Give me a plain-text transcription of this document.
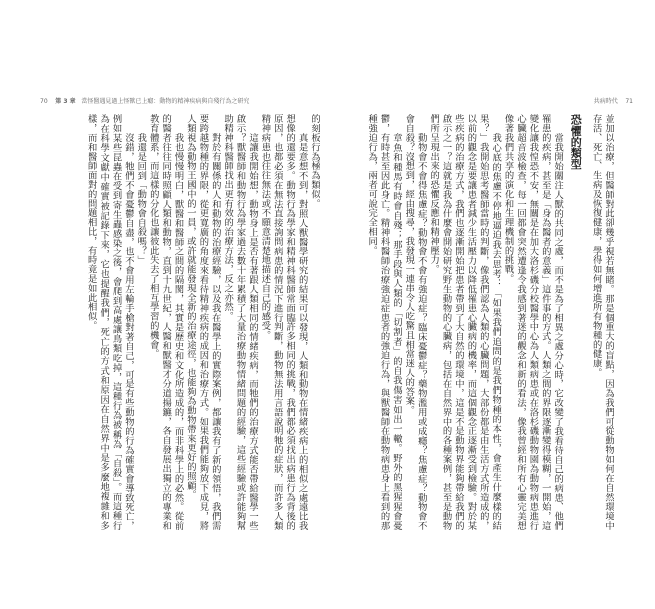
70 第 3 章 當怪醫遇見過上怪獸已上癮：動物的精神疾病與自殘行為之研究	共病時代 71

的刻板行為極為類似。

真是意想不到，對照人獸醫學研究的結果可以發現，人類和動物在情緒疾病上的相似之處遠比我想像的還要多。動物行為學家和精神科醫師常面臨許多相同的挑戰，我們都必須找出病患行為背後的原因，也都必須在無法直接詢問病患的情況下進行判斷，動物無法用言語說明牠的症狀，而許多人類精神病患也往往無法或不願意清楚地描述自己的感受。

這讓我開始想，動物身上是否有著跟人類相同的情緒疾病，而牠們的治療方式能否帶給醫學一些啟示？獸醫師和動物行為學家過去數十年累積了大量治療動物情緒問題的經驗，這些經驗或許能夠幫助精神科醫師找出更有效的治療方法，反之亦然。

對於有關係的人和動物的治療經驗，以及我在醫學上的實際案例，都讓我有了新的領悟，我們需要跨越物種的界限，從更寬廣的角度來看待精神疾病的成因和治療方式。如果我們能夠放下成見，將人類視為動物王國中的一員，或許就能發現全新的治療途徑，也能夠為動物帶來更好的照顧。

我也慢慢明白，獸醫和醫師之間的隔閡，其實是歷史和文化所造成的，而非科學上的必然。從前的醫者往往同時照顧人類和動物，直到十九世紀，人醫和獸醫才分道揚鑣，各自發展出獨立的專業和教育體系，而這樣的分化也讓彼此失去了相互學習的機會。

我還是回到「動物會自殺嗎？」

沒錯，牠們不會憂鬱自盡，也不會用左輪手槍對著自己，可是有些動物的行為確實會導致死亡，例如某些昆蟲在受到寄生蟲感染之後，會爬到高處讓鳥類吃掉，這種行為被稱為「自殺」。而這種行為在科學文獻中確實被記錄下來，它也提醒我們，死亡的方式和原因在自然界中是多麼地複雜和多樣，而和醫師面對的問題相比，有時竟是如此相似。	並加以治療，但醫師對此卻幾乎視若無睹。那是個重大的盲點，因為我們可從動物如何在自然環境中存活、死亡、生病及恢復健康，學得如何增進所有物種的健康。

恐懼的類型

當我開始關注人獸的共同之處，而不是為了相異之處分心時，它改變了我看待自己的病患、他們罹患的疾病，甚至是「身為醫者的意義」這件事的方式。人類之間的界限逐漸變得模糊，一開始，這變化讓我惶恐不安，無關是在加大洛杉磯分校醫學中心為人類病患或在洛杉磯動物園為動物病患進行心臟超音波檢查，每一回都會突然遭逢令我感到著迷的觀念和新的看法，像我曾經和所有心靈完美想像著我們共享的演化和生理機制的挑戰。

我心底的焦慮不停地逼迫我去思考：「如果我們追問的是我們物種的本性，會產生什麼樣的結果？」我開始思考醫師當時的判斷，像我們認為人類的心臟問題，大部份都是由生活方式所造成的，以前的觀念是要讓患者減少生活壓力以降低罹患心臟病的機率，而這個觀念正逐漸受到檢驗。對於某些疾病的治療方式，我們也逐漸開始把患者帶到了大自然的環境中，這是不是動物界能夠帶給我們的啟示之一？這就是我為什麼會開始研究野生動物的心臟病，包括在自然界中的各種案例，甚至是動物們所呈現出來的恐懼反應和精神壓力。

動物會不會得焦慮症？動物會不會有強迫症？臨床憂鬱症？藥物濫用或成癮？焦慮症？動物會不會自殺？沒想到，經由搜尋，我發現一連串令人吃驚且相當迷人的答案。

章魚和種馬有時會自殘；那手段與人類的「切割者」的自我傷害如出一轍。野外的黑猩猩會憂鬱，有時甚至因此身亡。精神科醫師治療強迫症患者的強迫行為，與獸醫師在動物病患身上看到的那種強迫行為，兩者可說完全相同。
